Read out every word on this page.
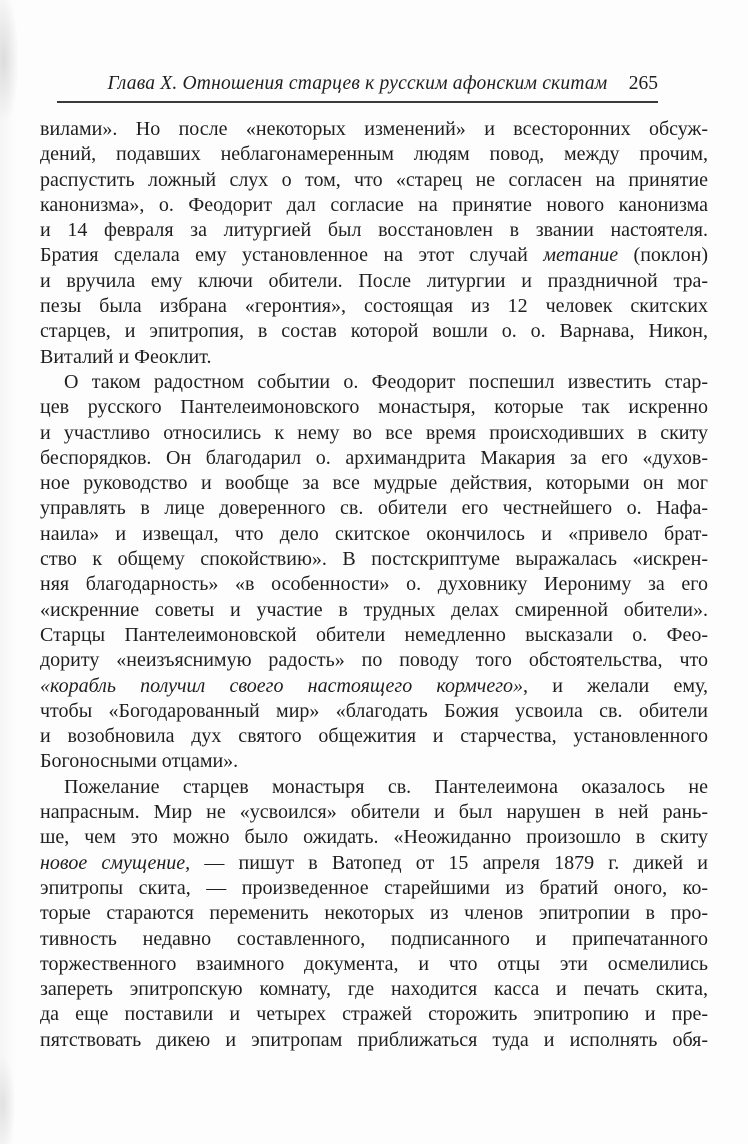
Глава X. Отношения старцев к русским афонским скитам	265
вилами». Но после «некоторых изменений» и всесторонних обсуж-
дений, подавших неблагонамеренным людям повод, между прочим,
распустить ложный слух о том, что «старец не согласен на принятие
канонизма», о. Феодорит дал согласие на принятие нового канонизма
и 14 февраля за литургией был восстановлен в звании настоятеля.
Братия сделала ему установленное на этот случай метание (поклон)
и вручила ему ключи обители. После литургии и праздничной тра-
пезы была избрана «геронтия», состоящая из 12 человек скитских
старцев, и эпитропия, в состав которой вошли о. о. Варнава, Никон,
Виталий и Феоклит.
О таком радостном событии о. Феодорит поспешил известить стар-
цев русского Пантелеимоновского монастыря, которые так искренно
и участливо относились к нему во все время происходивших в скиту
беспорядков. Он благодарил о. архимандрита Макария за его «духов-
ное руководство и вообще за все мудрые действия, которыми он мог
управлять в лице доверенного св. обители его честнейшего о. Нафа-
наила» и извещал, что дело скитское окончилось и «привело брат-
ство к общему спокойствию». В постскриптуме выражалась «искрен-
няя благодарность» «в особенности» о. духовнику Иерониму за его
«искренние советы и участие в трудных делах смиренной обители».
Старцы Пантелеимоновской обители немедленно высказали о. Фео-
дориту «неизъяснимую радость» по поводу того обстоятельства, что
«корабль получил своего настоящего кормчего», и желали ему,
чтобы «Богодарованный мир» «благодать Божия усвоила св. обители
и возобновила дух святого общежития и старчества, установленного
Богоносными отцами».
Пожелание старцев монастыря св. Пантелеимона оказалось не
напрасным. Мир не «усвоился» обители и был нарушен в ней рань-
ше, чем это можно было ожидать. «Неожиданно произошло в скиту
новое смущение, — пишут в Ватопед от 15 апреля 1879 г. дикей и
эпитропы скита, — произведенное старейшими из братий оного, ко-
торые стараются переменить некоторых из членов эпитропии в про-
тивность недавно составленного, подписанного и припечатанного
торжественного взаимного документа, и что отцы эти осмелились
запереть эпитропскую комнату, где находится касса и печать скита,
да еще поставили и четырех стражей сторожить эпитропию и пре-
пятствовать дикею и эпитропам приближаться туда и исполнять обя-
